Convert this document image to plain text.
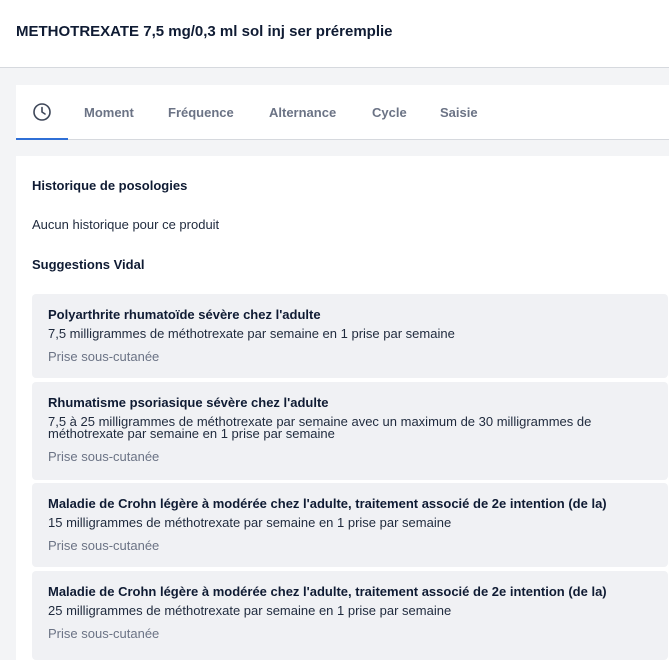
METHOTREXATE 7,5 mg/0,3 ml sol inj ser préremplie
Moment	Fréquence	Alternance	Cycle	Saisie
Historique de posologies
Aucun historique pour ce produit
Suggestions Vidal
Polyarthrite rhumatoïde sévère chez l'adulte
7,5 milligrammes de méthotrexate par semaine en 1 prise par semaine
Prise sous-cutanée
Rhumatisme psoriasique sévère chez l'adulte
7,5 à 25 milligrammes de méthotrexate par semaine avec un maximum de 30 milligrammes de méthotrexate par semaine en 1 prise par semaine
Prise sous-cutanée
Maladie de Crohn légère à modérée chez l'adulte, traitement associé de 2e intention (de la)
15 milligrammes de méthotrexate par semaine en 1 prise par semaine
Prise sous-cutanée
Maladie de Crohn légère à modérée chez l'adulte, traitement associé de 2e intention (de la)
25 milligrammes de méthotrexate par semaine en 1 prise par semaine
Prise sous-cutanée
